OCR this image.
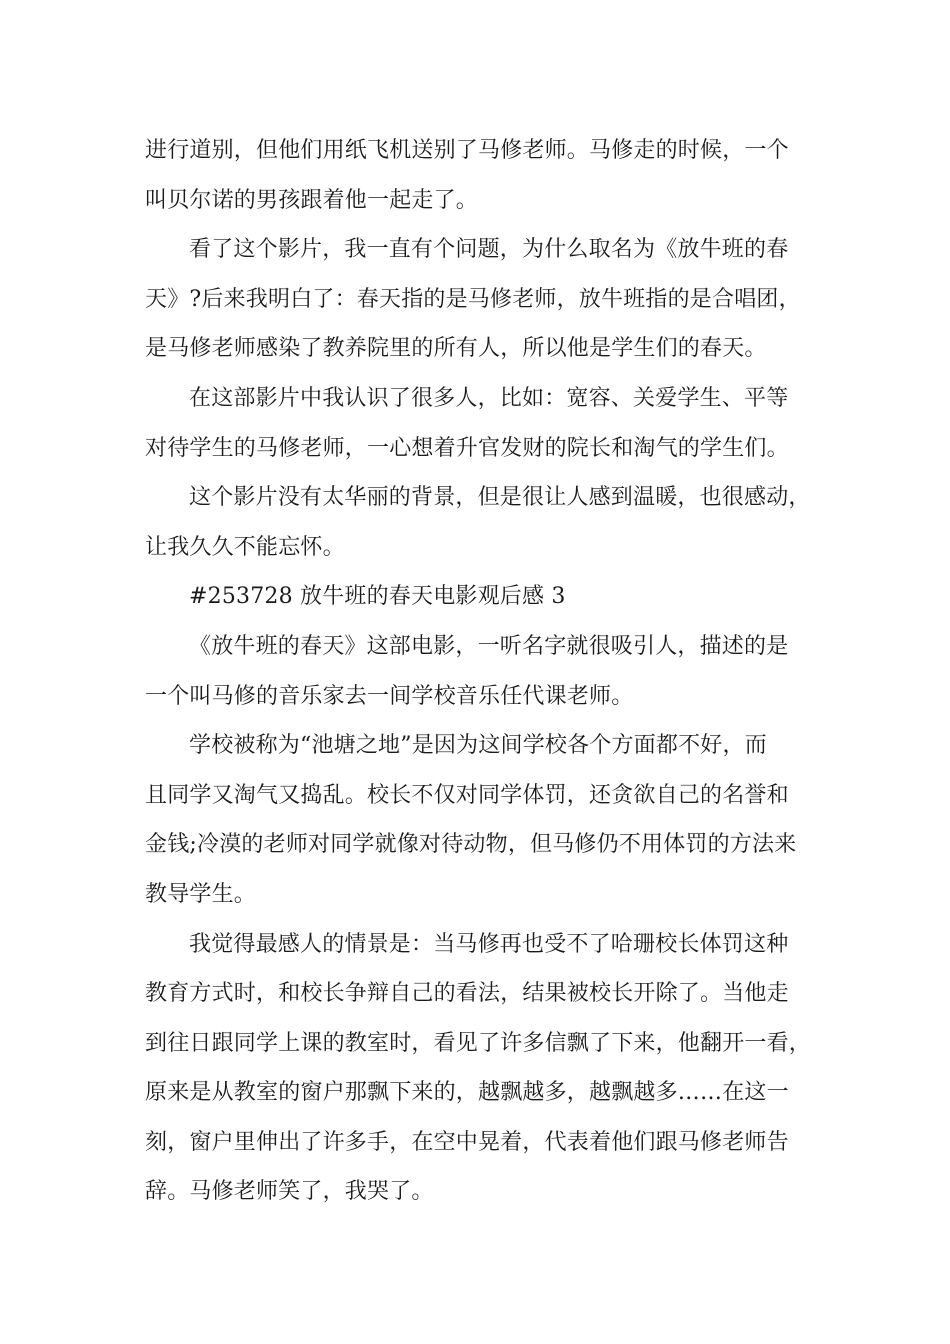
进行道别，但他们用纸飞机送别了马修老师。马修走的时候，一个
叫贝尔诺的男孩跟着他一起走了。
看了这个影片，我一直有个问题，为什么取名为《放牛班的春
天》?后来我明白了：春天指的是马修老师，放牛班指的是合唱团，
是马修老师感染了教养院里的所有人，所以他是学生们的春天。
在这部影片中我认识了很多人，比如：宽容、关爱学生、平等
对待学生的马修老师，一心想着升官发财的院长和淘气的学生们。
这个影片没有太华丽的背景，但是很让人感到温暖，也很感动，
让我久久不能忘怀。
#253728 放牛班的春天电影观后感 3
《放牛班的春天》这部电影，一听名字就很吸引人，描述的是
一个叫马修的音乐家去一间学校音乐任代课老师。
学校被称为“池塘之地”是因为这间学校各个方面都不好，而
且同学又淘气又捣乱。校长不仅对同学体罚，还贪欲自己的名誉和
金钱;冷漠的老师对同学就像对待动物，但马修仍不用体罚的方法来
教导学生。
我觉得最感人的情景是：当马修再也受不了哈珊校长体罚这种
教育方式时，和校长争辩自己的看法，结果被校长开除了。当他走
到往日跟同学上课的教室时，看见了许多信飘了下来，他翻开一看，
原来是从教室的窗户那飘下来的，越飘越多，越飘越多……在这一
刻，窗户里伸出了许多手，在空中晃着，代表着他们跟马修老师告
辞。马修老师笑了，我哭了。
